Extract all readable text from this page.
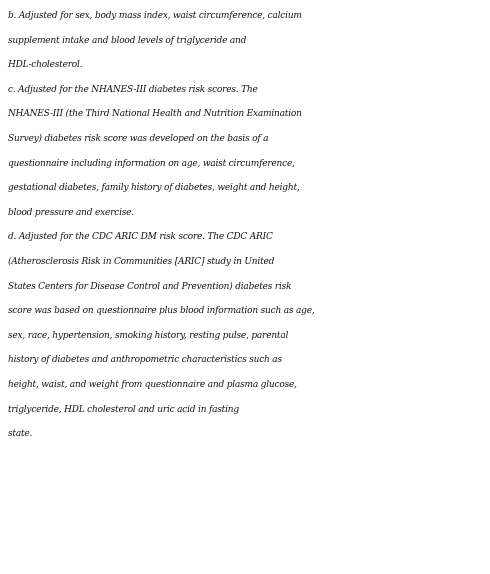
b. Adjusted for sex, body mass index, waist circumference, calcium
supplement intake and blood levels of triglyceride and
HDL-cholesterol.
c. Adjusted for the NHANES-III diabetes risk scores. The
NHANES-III (the Third National Health and Nutrition Examination
Survey) diabetes risk score was developed on the basis of a
questionnaire including information on age, waist circumference,
gestational diabetes, family history of diabetes, weight and height,
blood pressure and exercise.
d. Adjusted for the CDC ARIC DM risk score. The CDC ARIC
(Atherosclerosis Risk in Communities [ARIC] study in United
States Centers for Disease Control and Prevention) diabetes risk
score was based on questionnaire plus blood information such as age,
sex, race, hypertension, smoking history, resting pulse, parental
history of diabetes and anthropometric characteristics such as
height, waist, and weight from questionnaire and plasma glucose,
triglyceride, HDL cholesterol and uric acid in fasting
state.
